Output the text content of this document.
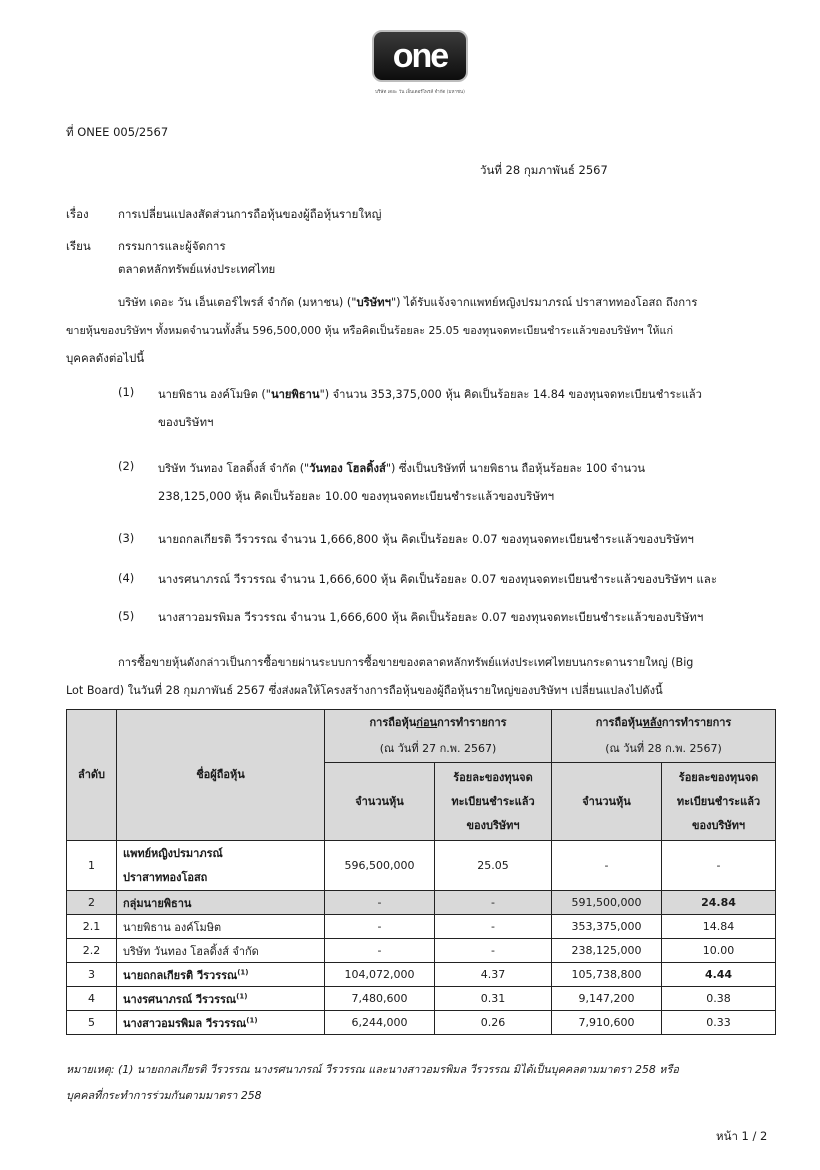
one
บริษัท เดอะ วัน เอ็นเตอร์ไพรส์ จำกัด (มหาชน)
ที่ ONEE 005/2567
วันที่ 28 กุมภาพันธ์ 2567
เรื่อง	การเปลี่ยนแปลงสัดส่วนการถือหุ้นของผู้ถือหุ้นรายใหญ่
เรียน กรรมการและผู้จัดการ
ตลาดหลักทรัพย์แห่งประเทศไทย
บริษัท เดอะ วัน เอ็นเตอร์ไพรส์ จำกัด (มหาชน) ("บริษัทฯ") ได้รับแจ้งจากแพทย์หญิงปรมาภรณ์ ปราสาททองโอสถ ถึงการ
ขายหุ้นของบริษัทฯ ทั้งหมดจำนวนทั้งสิ้น 596,500,000 หุ้น หรือคิดเป็นร้อยละ 25.05 ของทุนจดทะเบียนชำระแล้วของบริษัทฯ ให้แก่
บุคคลดังต่อไปนี้
(1) นายพิธาน องค์โมษิต ("นายพิธาน") จำนวน 353,375,000 หุ้น คิดเป็นร้อยละ 14.84 ของทุนจดทะเบียนชำระแล้ว
ของบริษัทฯ
(2) บริษัท วันทอง โฮลดิ้งส์ จำกัด ("วันทอง โฮลดิ้งส์") ซึ่งเป็นบริษัทที่ นายพิธาน ถือหุ้นร้อยละ 100 จำนวน
238,125,000 หุ้น คิดเป็นร้อยละ 10.00 ของทุนจดทะเบียนชำระแล้วของบริษัทฯ
(3) นายถกลเกียรติ วีรวรรณ จำนวน 1,666,800 หุ้น คิดเป็นร้อยละ 0.07 ของทุนจดทะเบียนชำระแล้วของบริษัทฯ
(4) นางรศนาภรณ์ วีรวรรณ จำนวน 1,666,600 หุ้น คิดเป็นร้อยละ 0.07 ของทุนจดทะเบียนชำระแล้วของบริษัทฯ และ
(5) นางสาวอมรพิมล วีรวรรณ จำนวน 1,666,600 หุ้น คิดเป็นร้อยละ 0.07 ของทุนจดทะเบียนชำระแล้วของบริษัทฯ
การซื้อขายหุ้นดังกล่าวเป็นการซื้อขายผ่านระบบการซื้อขายของตลาดหลักทรัพย์แห่งประเทศไทยบนกระดานรายใหญ่ (Big
Lot Board) ในวันที่ 28 กุมภาพันธ์ 2567 ซึ่งส่งผลให้โครงสร้างการถือหุ้นของผู้ถือหุ้นรายใหญ่ของบริษัทฯ เปลี่ยนแปลงไปดังนี้
ลำดับ	ชื่อผู้ถือหุ้น	การถือหุ้นก่อนการทำรายการ		การถือหุ้นหลังการทำรายการ	
		(ณ วันที่ 27 ก.พ. 2567)		(ณ วันที่ 28 ก.พ. 2567)	
		จำนวนหุ้น	ร้อยละของทุนจด
ทะเบียนชำระแล้ว
ของบริษัทฯ	จำนวนหุ้น	ร้อยละของทุนจด
ทะเบียนชำระแล้ว
ของบริษัทฯ
1	แพทย์หญิงปรมาภรณ์
ปราสาททองโอสถ	596,500,000	25.05	-	-
2	กลุ่มนายพิธาน	-	-	591,500,000	24.84
2.1	นายพิธาน องค์โมษิต	-	-	353,375,000	14.84
2.2	บริษัท วันทอง โฮลดิ้งส์ จำกัด	-	-	238,125,000	10.00
3	นายถกลเกียรติ วีรวรรณ$^{(1)}$	104,072,000	4.37	105,738,800	4.44
4	นางรศนาภรณ์ วีรวรรณ$^{(1)}$	7,480,600	0.31	9,147,200	0.38
5	นางสาวอมรพิมล วีรวรรณ$^{(1)}$	6,244,000	0.26	7,910,600	0.33
หมายเหตุ: (1) นายถกลเกียรติ วีรวรรณ นางรศนาภรณ์ วีรวรรณ และนางสาวอมรพิมล วีรวรรณ มิได้เป็นบุคคลตามมาตรา 258 หรือ
บุคคลที่กระทำการร่วมกันตามมาตรา 258
หน้า 1 / 2
